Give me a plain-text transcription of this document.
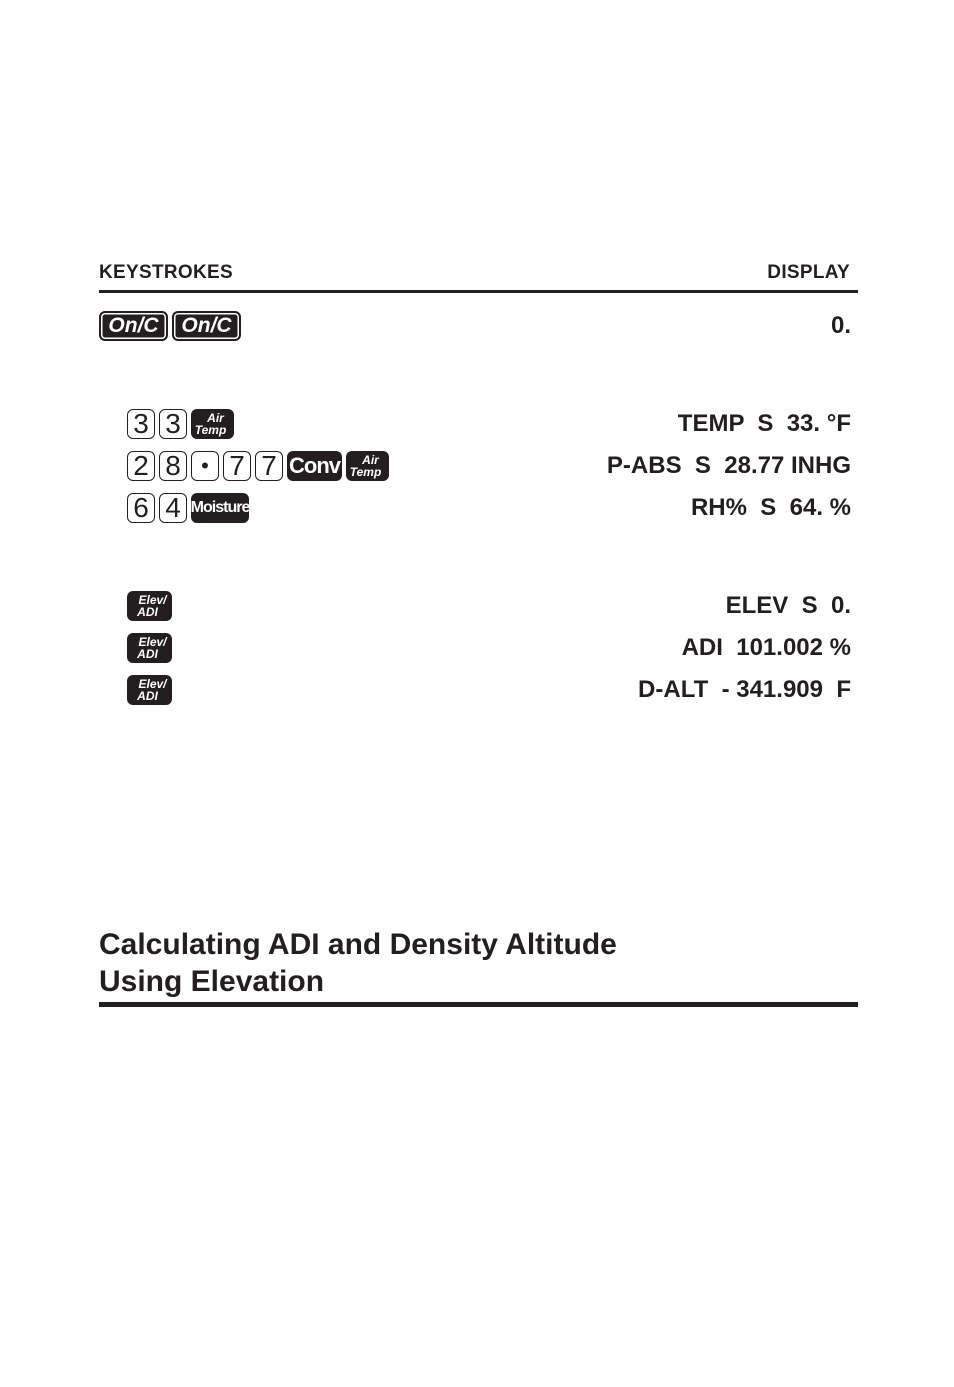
KEYSTROKES	DISPLAY
On/C	On/C	0.
3 3	Air
Temp	TEMP  S  33. °F
2 8 • 7 7 Conv Air
Temp	P-ABS  S  28.77 INHG
6 4 Moisture	RH%  S  64. %
Elev/
ADI	ELEV  S  0.
Elev/
ADI	ADI  101.002 %
Elev/
ADI	D-ALT  - 341.909  F
Calculating ADI and Density Altitude
Using Elevation
